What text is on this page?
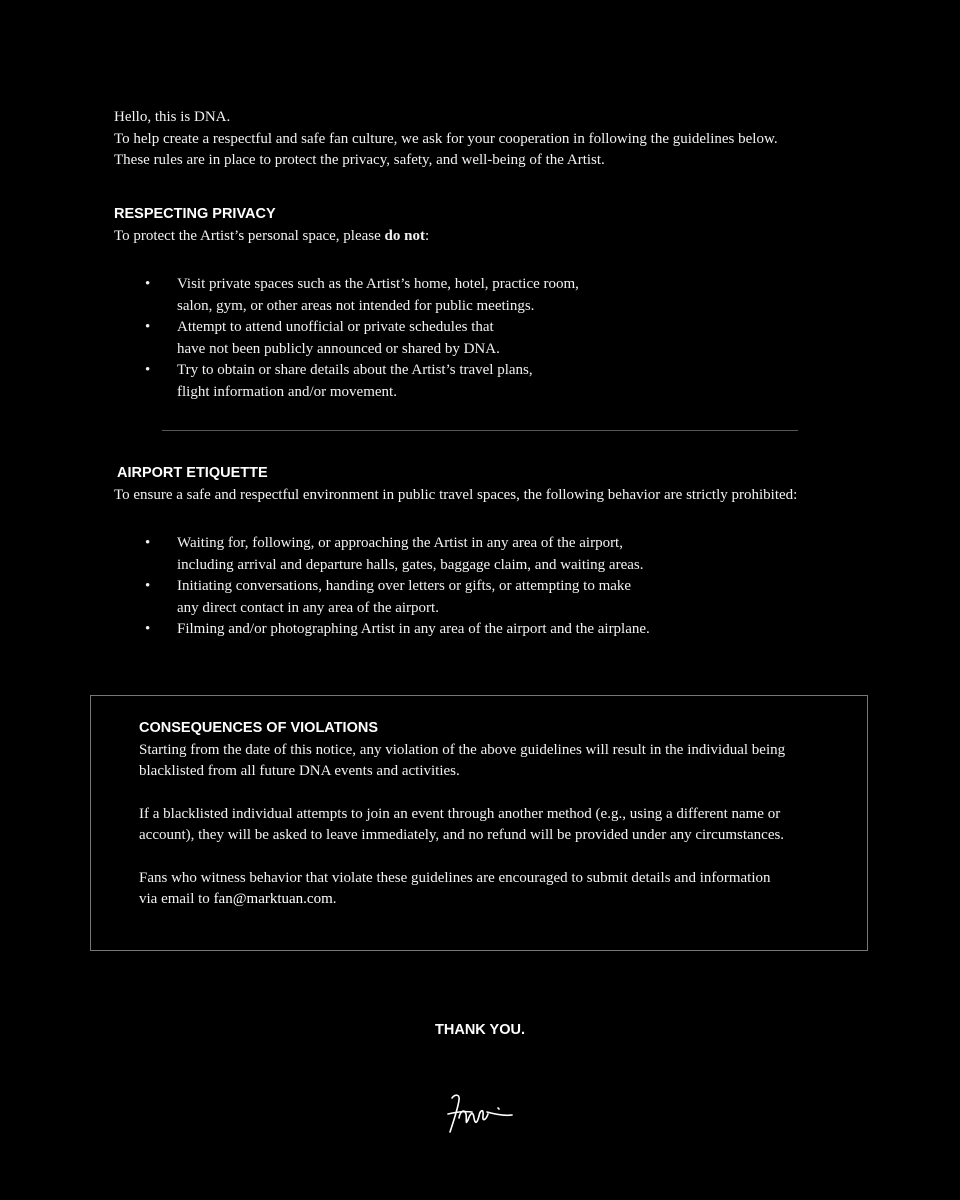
Hello, this is DNA.

To help create a respectful and safe fan culture, we ask for your cooperation in following the guidelines below.

These rules are in place to protect the privacy, safety, and well-being of the Artist.

RESPECTING PRIVACY

To protect the Artist’s personal space, please do not:

• Visit private spaces such as the Artist’s home, hotel, practice room,
salon, gym, or other areas not intended for public meetings.
• Attempt to attend unofficial or private schedules that
have not been publicly announced or shared by DNA.
• Try to obtain or share details about the Artist’s travel plans,
flight information and/or movement.
AIRPORT ETIQUETTE

To ensure a safe and respectful environment in public travel spaces, the following behavior are strictly prohibited:

• Waiting for, following, or approaching the Artist in any area of the airport,
including arrival and departure halls, gates, baggage claim, and waiting areas.
• Initiating conversations, handing over letters or gifts, or attempting to make
any direct contact in any area of the airport.
• Filming and/or photographing Artist in any area of the airport and the airplane.
CONSEQUENCES OF VIOLATIONS

Starting from the date of this notice, any violation of the above guidelines will result in the individual being
blacklisted from all future DNA events and activities.

If a blacklisted individual attempts to join an event through another method (e.g., using a different name or
account), they will be asked to leave immediately, and no refund will be provided under any circumstances.

Fans who witness behavior that violate these guidelines are encouraged to submit details and information
via email to fan@marktuan.com.

THANK YOU.
